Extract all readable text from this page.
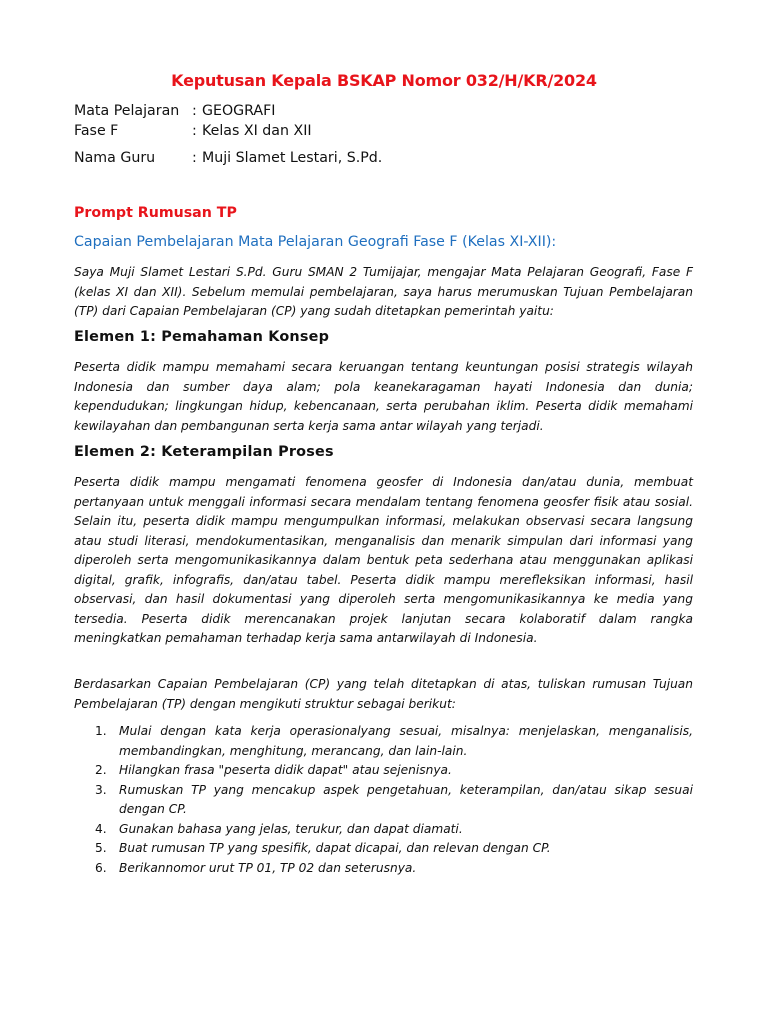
Keputusan Kepala BSKAP Nomor 032/H/KR/2024
Mata Pelajaran : GEOGRAFI
Fase F	: Kelas XI dan XII
Nama Guru	: Muji Slamet Lestari, S.Pd.
Prompt Rumusan TP
Capaian Pembelajaran Mata Pelajaran Geografi Fase F (Kelas XI-XII):

Saya Muji Slamet Lestari S.Pd. Guru SMAN 2 Tumijajar, mengajar Mata Pelajaran Geografi, Fase F (kelas XI dan XII). Sebelum memulai pembelajaran, saya harus merumuskan Tujuan Pembelajaran (TP) dari Capaian Pembelajaran (CP) yang sudah ditetapkan pemerintah yaitu:

Elemen 1: Pemahaman Konsep

Peserta didik mampu memahami secara keruangan tentang keuntungan posisi strategis wilayah Indonesia dan sumber daya alam; pola keanekaragaman hayati Indonesia dan dunia; kependudukan; lingkungan hidup, kebencanaan, serta perubahan iklim. Peserta didik memahami kewilayahan dan pembangunan serta kerja sama antar wilayah yang terjadi.

Elemen 2: Keterampilan Proses

Peserta didik mampu mengamati fenomena geosfer di Indonesia dan/atau dunia, membuat pertanyaan untuk menggali informasi secara mendalam tentang fenomena geosfer fisik atau sosial. Selain itu, peserta didik mampu mengumpulkan informasi, melakukan observasi secara langsung atau studi literasi, mendokumentasikan, menganalisis dan menarik simpulan dari informasi yang diperoleh serta mengomunikasikannya dalam bentuk peta sederhana atau menggunakan aplikasi digital, grafik, infografis, dan/atau tabel. Peserta didik mampu merefleksikan informasi, hasil observasi, dan hasil dokumentasi yang diperoleh serta mengomunikasikannya ke media yang tersedia. Peserta didik merencanakan projek lanjutan secara kolaboratif dalam rangka meningkatkan pemahaman terhadap kerja sama antarwilayah di Indonesia.

Berdasarkan Capaian Pembelajaran (CP) yang telah ditetapkan di atas, tuliskan rumusan Tujuan Pembelajaran (TP) dengan mengikuti struktur sebagai berikut:

1. Mulai dengan kata kerja operasionalyang sesuai, misalnya: menjelaskan, menganalisis, membandingkan, menghitung, merancang, dan lain-lain.
2. Hilangkan frasa "peserta didik dapat" atau sejenisnya.
3. Rumuskan TP yang mencakup aspek pengetahuan, keterampilan, dan/atau sikap sesuai dengan CP.
4. Gunakan bahasa yang jelas, terukur, dan dapat diamati.
5. Buat rumusan TP yang spesifik, dapat dicapai, dan relevan dengan CP.
6. Berikannomor urut TP 01, TP 02 dan seterusnya.
